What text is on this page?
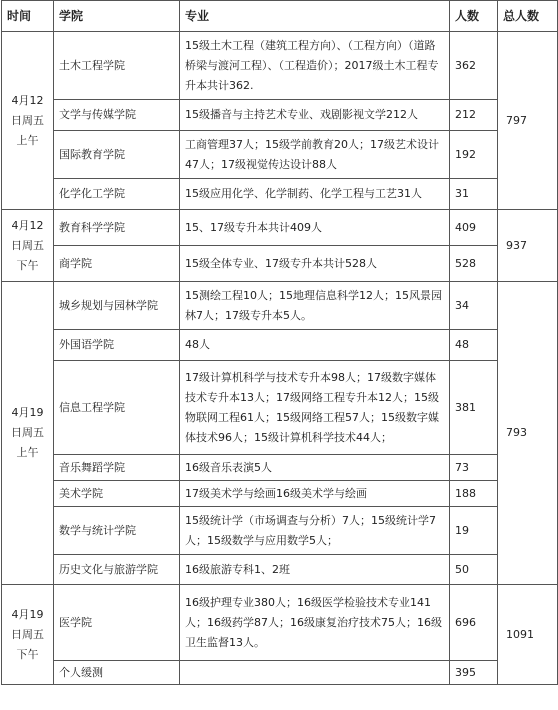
时间	学院	专业	人数	总人数

4月12
日周五
上午	土木工程学院	15级土木工程（建筑工程方向）、（工程方向）（道路桥梁与渡河工程）、（工程造价）；2017级土木工程专升本共计362.	362	797
	文学与传媒学院	15级播音与主持艺术专业、戏剧影视文学212人	212	
	国际教育学院	工商管理37人；15级学前教育20人；17级艺术设计47人；17级视觉传达设计88人	192	
	化学化工学院	15级应用化学、化学制药、化学工程与工艺31人	31	

4月12
日周五
下午	教育科学学院	15、17级专升本共计409人	409	937
	商学院	15级全体专业、17级专升本共计528人	528	

4月19
日周五
上午	城乡规划与园林学院	15测绘工程10人；15地理信息科学12人；15风景园林7人；17级专升本5人。	34	793
	外国语学院	48人	48	
	信息工程学院	17级计算机科学与技术专升本98人；17级数字媒体技术专升本13人；17级网络工程专升本12人；15级物联网工程61人；15级网络工程57人；15级数字媒体技术96人；15级计算机科学技术44人；	381	
	音乐舞蹈学院	16级音乐表演5人	73	
	美术学院	17级美术学与绘画16级美术学与绘画	188	
	数学与统计学院	15级统计学（市场调查与分析）7人；15级统计学7人；15级数学与应用数学5人；	19	
	历史文化与旅游学院	16级旅游专科1、2班	50	

4月19
日周五
下午	医学院	16级护理专业380人；16级医学检验技术专业141人；16级药学87人；16级康复治疗技术75人；16级卫生监督13人。	696	1091
	个人缓测		395	
